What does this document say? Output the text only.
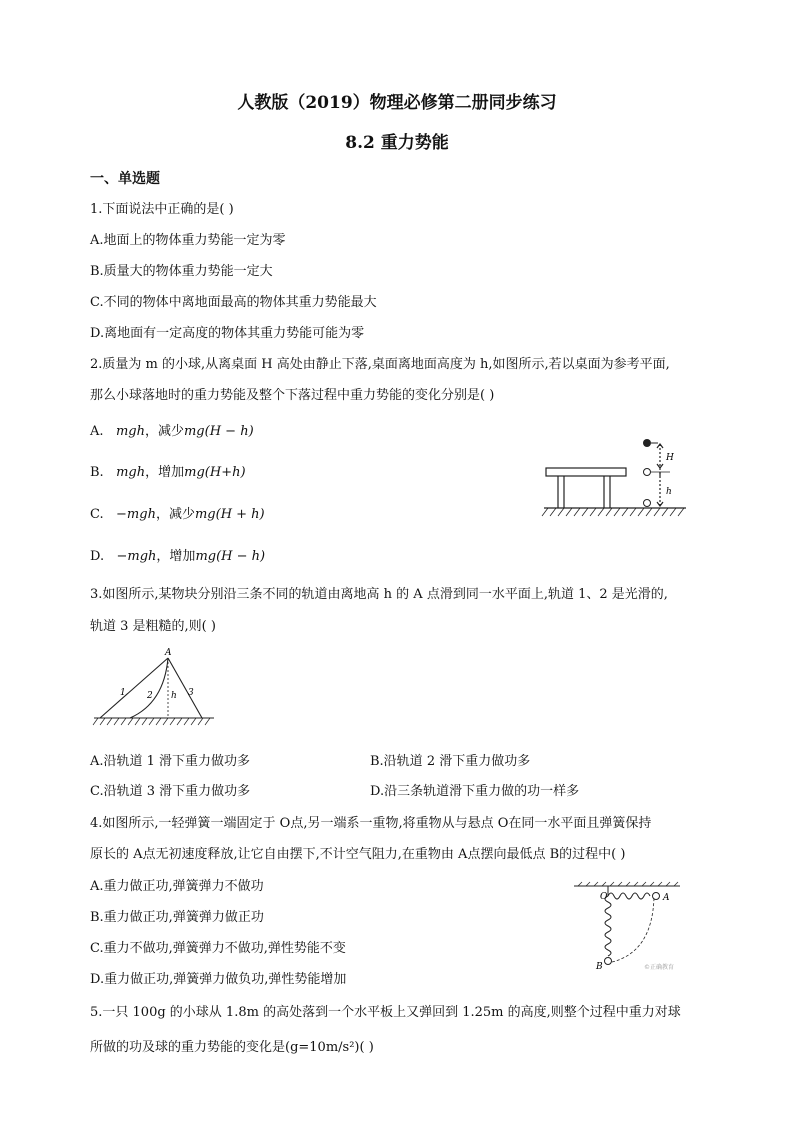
人教版（2019）物理必修第二册同步练习
8.2 重力势能
一、单选题
1.下面说法中正确的是( )
A.地面上的物体重力势能一定为零
B.质量大的物体重力势能一定大
C.不同的物体中离地面最高的物体其重力势能最大
D.离地面有一定高度的物体其重力势能可能为零
2.质量为 m 的小球,从离桌面 H 高处由静止下落,桌面离地面高度为 h,如图所示,若以桌面为参考平面,
那么小球落地时的重力势能及整个下落过程中重力势能的变化分别是( )
A. mgh，减少mg(H − h)
B. mgh，增加mg(H+h)
C. −mgh，减少mg(H + h)
D. −mgh，增加mg(H − h)
H
h
3.如图所示,某物块分别沿三条不同的轨道由离地高 h 的 A 点滑到同一水平面上,轨道 1、2 是光滑的,
轨道 3 是粗糙的,则( )
A
1 2 h 3
A.沿轨道 1 滑下重力做功多	B.沿轨道 2 滑下重力做功多
C.沿轨道 3 滑下重力做功多	D.沿三条轨道滑下重力做的功一样多
4.如图所示,一轻弹簧一端固定于 O点,另一端系一重物,将重物从与悬点 O在同一水平面且弹簧保持
原长的 A点无初速度释放,让它自由摆下,不计空气阻力,在重物由 A点摆向最低点 B的过程中( )
A.重力做正功,弹簧弹力不做功
B.重力做正功,弹簧弹力做正功
C.重力不做功,弹簧弹力不做功,弹性势能不变
D.重力做正功,弹簧弹力做负功,弹性势能增加
O	A
B	©正确教育
5.一只 100g 的小球从 1.8m 的高处落到一个水平板上又弹回到 1.25m 的高度,则整个过程中重力对球
所做的功及球的重力势能的变化是(g=10m/s²)( )
